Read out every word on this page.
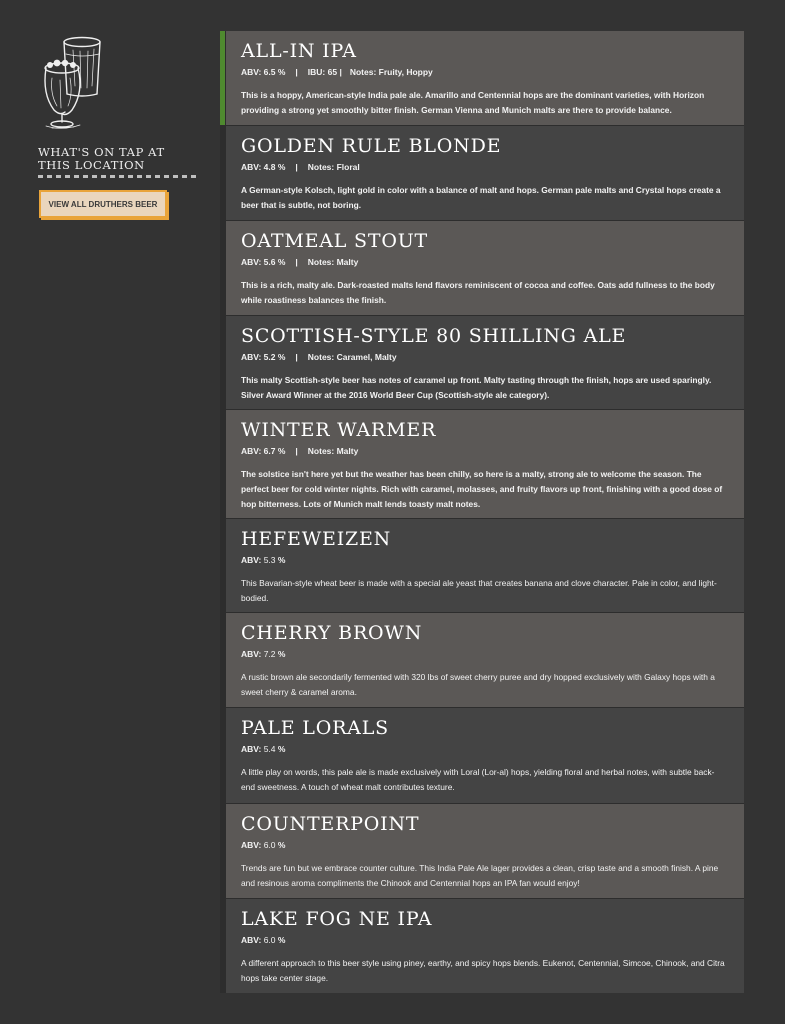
WHAT'S ON TAP AT
THIS LOCATION
VIEW ALL DRUTHERS BEER
ALL-IN IPA
ABV: 6.5 % | IBU: 65 | Notes: Fruity, Hoppy
This is a hoppy, American-style India pale ale. Amarillo and Centennial hops are the dominant varieties, with Horizon
providing a strong yet smoothly bitter finish. German Vienna and Munich malts are there to provide balance.
GOLDEN RULE BLONDE
ABV: 4.8 % | Notes: Floral
A German-style Kolsch, light gold in color with a balance of malt and hops. German pale malts and Crystal hops create a
beer that is subtle, not boring.
OATMEAL STOUT
ABV: 5.6 % | Notes: Malty
This is a rich, malty ale. Dark-roasted malts lend flavors reminiscent of cocoa and coffee. Oats add fullness to the body
while roastiness balances the finish.
SCOTTISH-STYLE 80 SHILLING ALE
ABV: 5.2 % | Notes: Caramel, Malty
This malty Scottish-style beer has notes of caramel up front. Malty tasting through the finish, hops are used sparingly.
Silver Award Winner at the 2016 World Beer Cup (Scottish-style ale category).
WINTER WARMER
ABV: 6.7 % | Notes: Malty
The solstice isn't here yet but the weather has been chilly, so here is a malty, strong ale to welcome the season. The
perfect beer for cold winter nights. Rich with caramel, molasses, and fruity flavors up front, finishing with a good dose of
hop bitterness. Lots of Munich malt lends toasty malt notes.
HEFEWEIZEN
ABV: 5.3 %
This Bavarian-style wheat beer is made with a special ale yeast that creates banana and clove character. Pale in color, and light-
bodied.
CHERRY BROWN
ABV: 7.2 %
A rustic brown ale secondarily fermented with 320 lbs of sweet cherry puree and dry hopped exclusively with Galaxy hops with a
sweet cherry & caramel aroma.
PALE LORALS
ABV: 5.4 %
A little play on words, this pale ale is made exclusively with Loral (Lor-al) hops, yielding floral and herbal notes, with subtle back-
end sweetness. A touch of wheat malt contributes texture.
COUNTERPOINT
ABV: 6.0 %
Trends are fun but we embrace counter culture. This India Pale Ale lager provides a clean, crisp taste and a smooth finish. A pine
and resinous aroma compliments the Chinook and Centennial hops an IPA fan would enjoy!
LAKE FOG NE IPA
ABV: 6.0 %
A different approach to this beer style using piney, earthy, and spicy hops blends. Eukenot, Centennial, Simcoe, Chinook, and Citra
hops take center stage.
